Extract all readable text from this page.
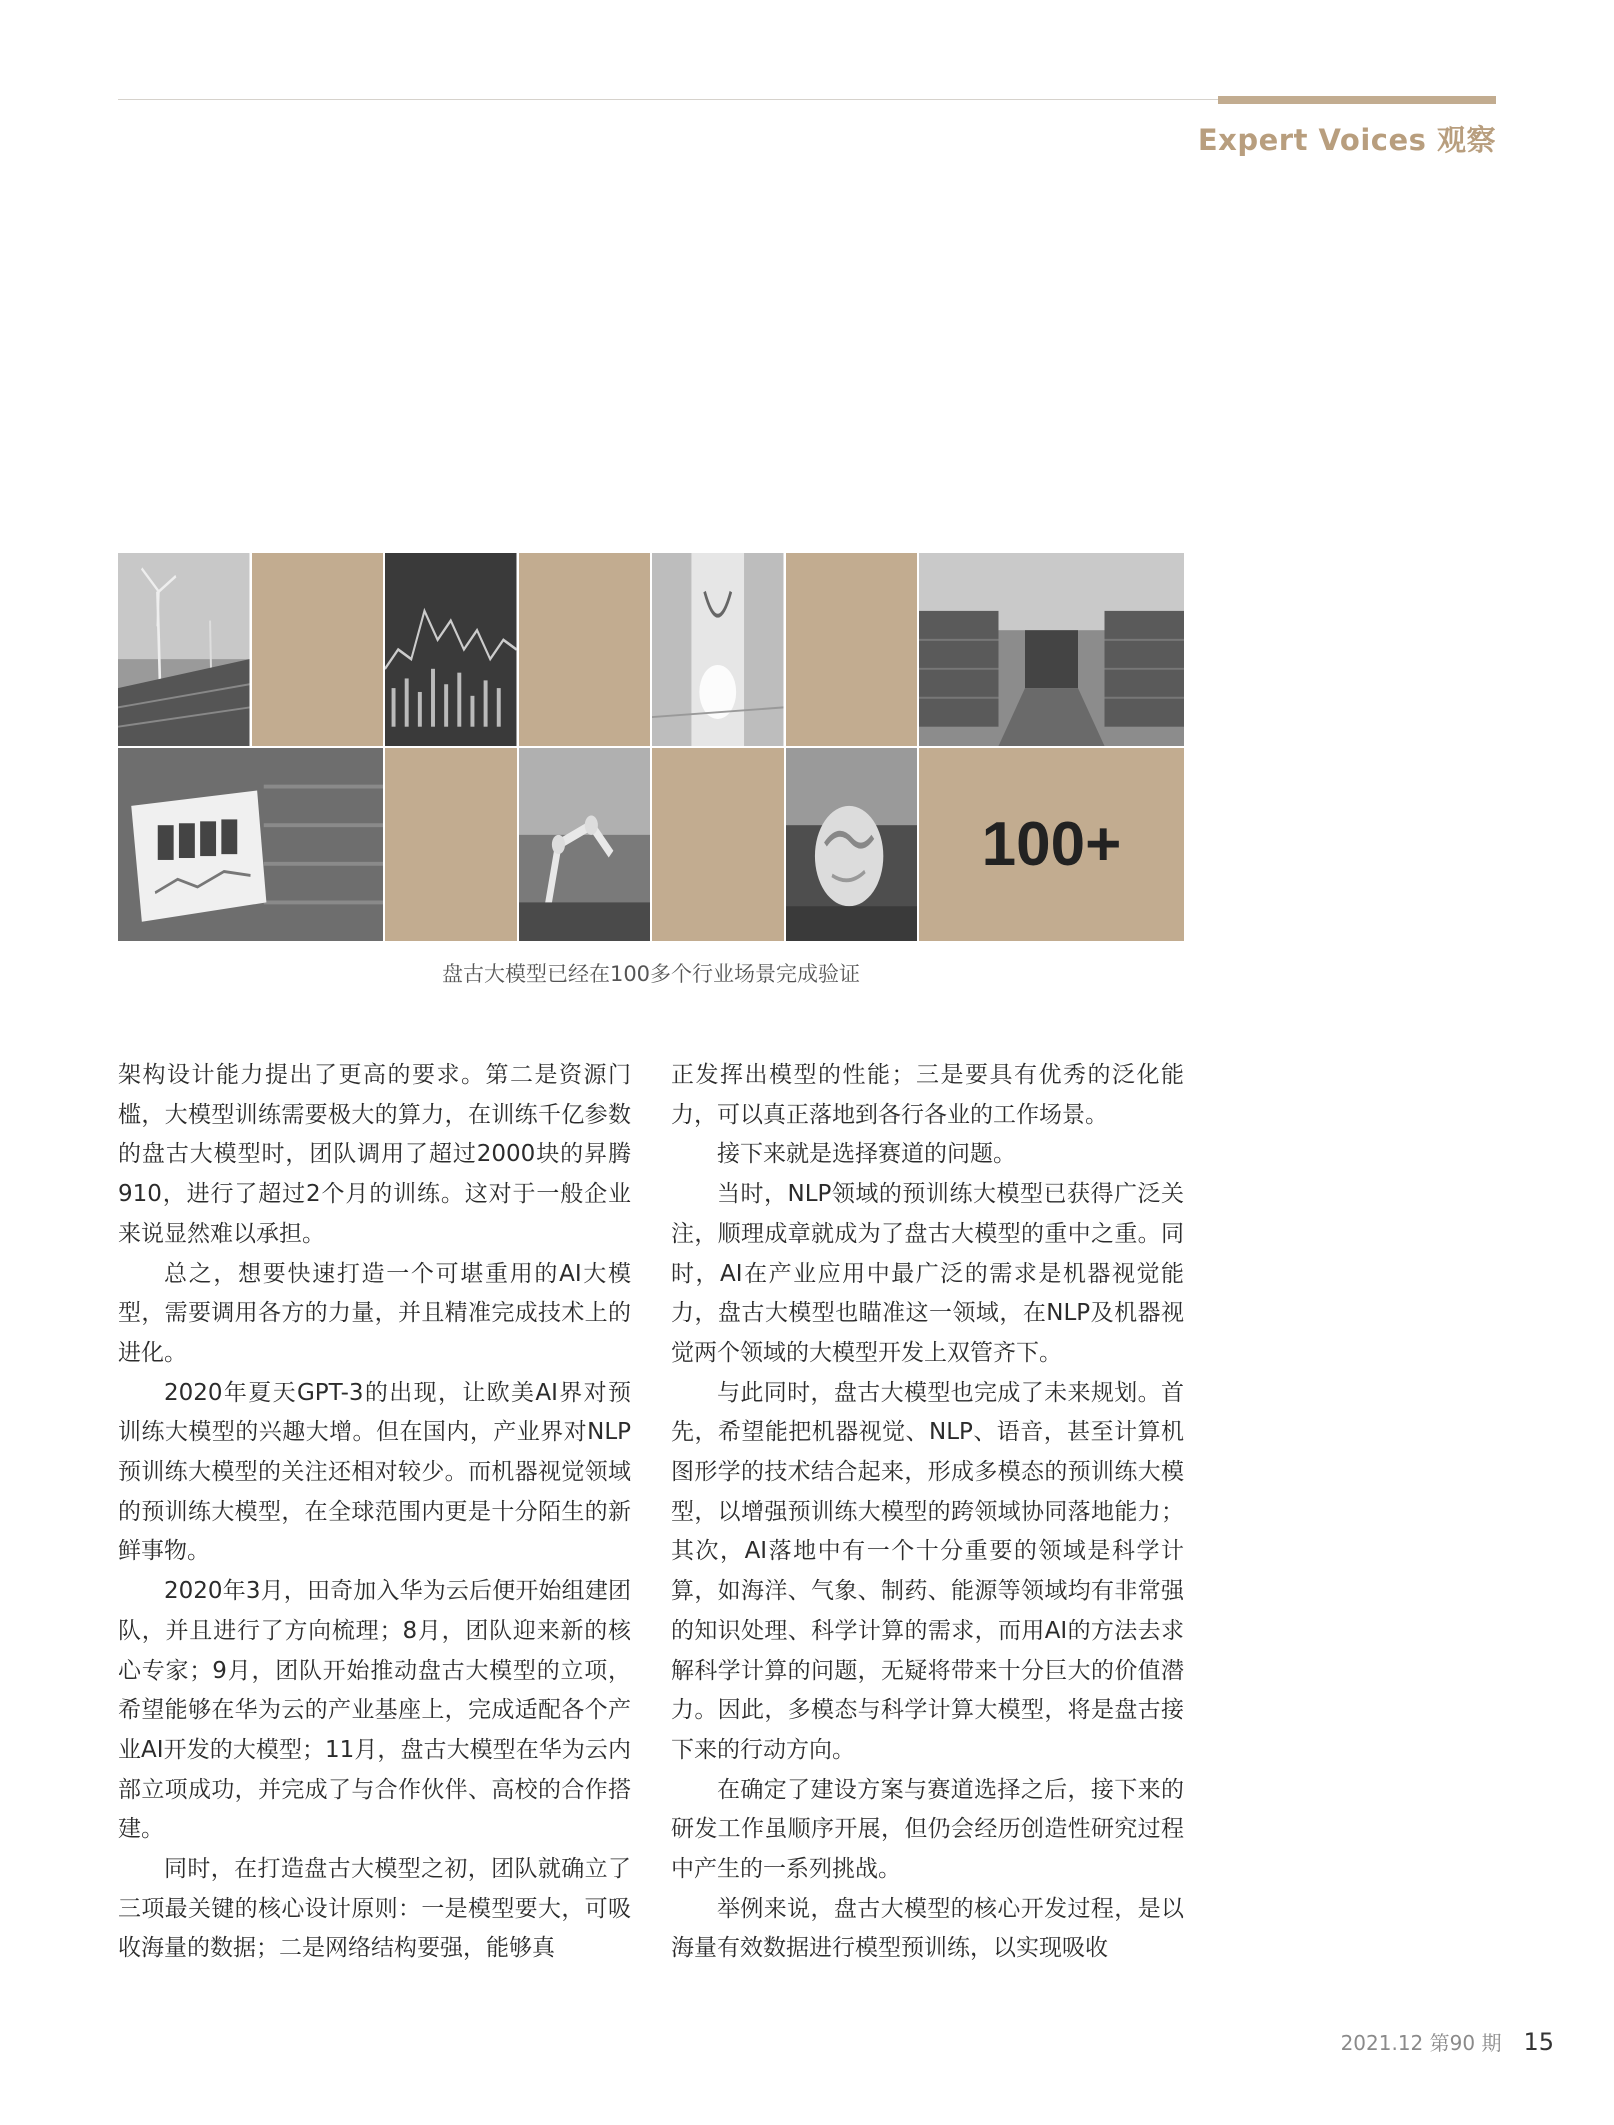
Expert Voices 观察
100+
盘古大模型已经在100多个行业场景完成验证

架构设计能力提出了更高的要求。第二是资源门槛，大模型训练需要极大的算力，在训练千亿参数的盘古大模型时，团队调用了超过2000块的昇腾910，进行了超过2个月的训练。这对于一般企业来说显然难以承担。

总之，想要快速打造一个可堪重用的AI大模型，需要调用各方的力量，并且精准完成技术上的进化。

2020年夏天GPT-3的出现，让欧美AI界对预训练大模型的兴趣大增。但在国内，产业界对NLP预训练大模型的关注还相对较少。而机器视觉领域的预训练大模型，在全球范围内更是十分陌生的新鲜事物。

2020年3月，田奇加入华为云后便开始组建团队，并且进行了方向梳理；8月，团队迎来新的核心专家；9月，团队开始推动盘古大模型的立项，希望能够在华为云的产业基座上，完成适配各个产业AI开发的大模型；11月，盘古大模型在华为云内部立项成功，并完成了与合作伙伴、高校的合作搭建。

同时，在打造盘古大模型之初，团队就确立了三项最关键的核心设计原则：一是模型要大，可吸收海量的数据；二是网络结构要强，能够真

正发挥出模型的性能；三是要具有优秀的泛化能力，可以真正落地到各行各业的工作场景。

接下来就是选择赛道的问题。

当时，NLP领域的预训练大模型已获得广泛关注，顺理成章就成为了盘古大模型的重中之重。同时，AI在产业应用中最广泛的需求是机器视觉能力，盘古大模型也瞄准这一领域，在NLP及机器视觉两个领域的大模型开发上双管齐下。

与此同时，盘古大模型也完成了未来规划。首先，希望能把机器视觉、NLP、语音，甚至计算机图形学的技术结合起来，形成多模态的预训练大模型，以增强预训练大模型的跨领域协同落地能力；其次，AI落地中有一个十分重要的领域是科学计算，如海洋、气象、制药、能源等领域均有非常强的知识处理、科学计算的需求，而用AI的方法去求解科学计算的问题，无疑将带来十分巨大的价值潜力。因此，多模态与科学计算大模型，将是盘古接下来的行动方向。

在确定了建设方案与赛道选择之后，接下来的研发工作虽顺序开展，但仍会经历创造性研究过程中产生的一系列挑战。

举例来说，盘古大模型的核心开发过程，是以海量有效数据进行模型预训练，以实现吸收

2021.12 第90 期 15
